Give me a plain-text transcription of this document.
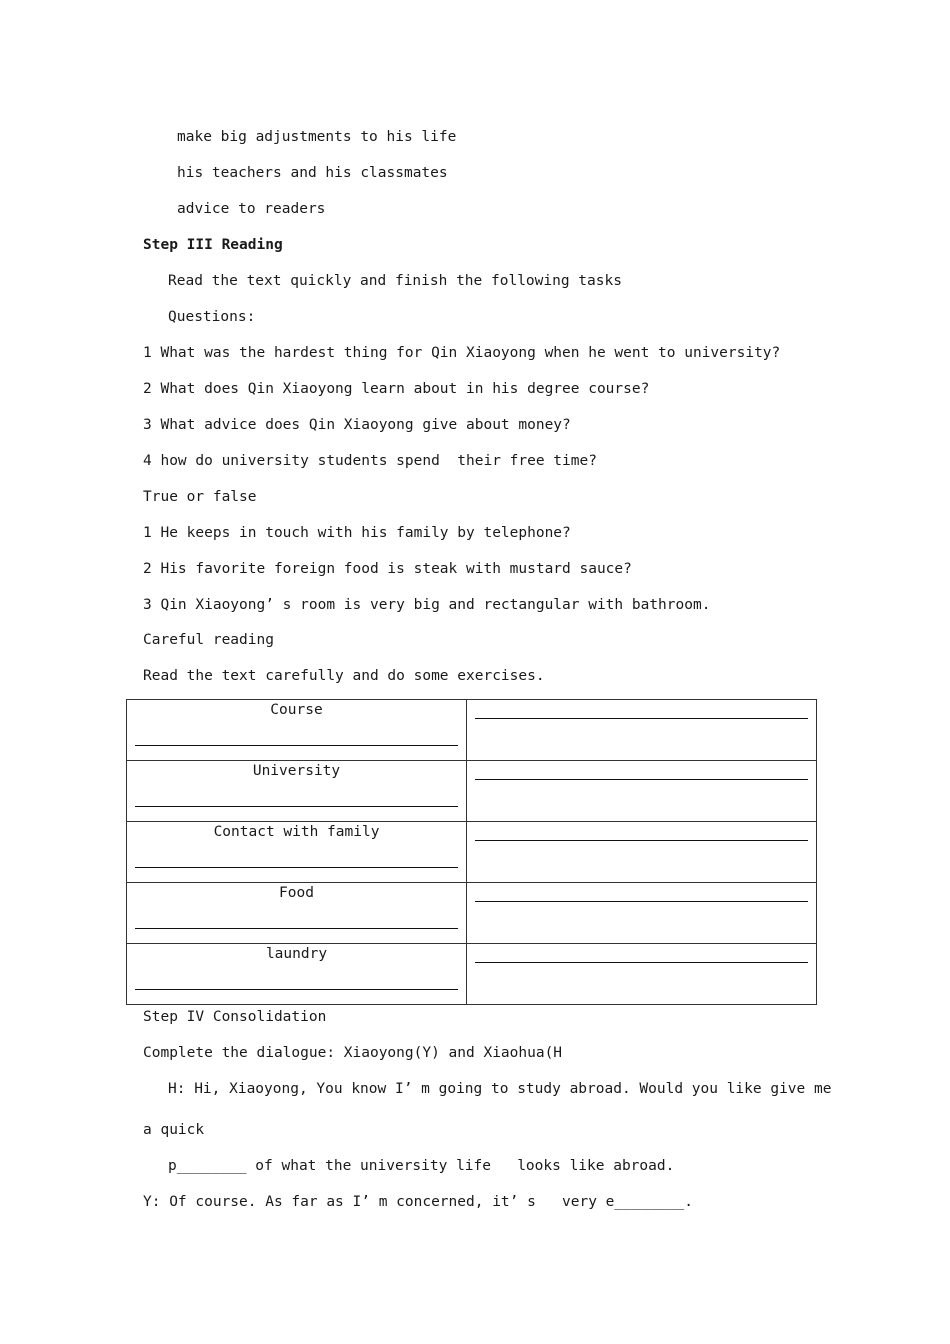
make big adjustments to his life
his teachers and his classmates
advice to readers
Step III Reading
Read the text quickly and finish the following tasks
Questions:
1 What was the hardest thing for Qin Xiaoyong when he went to university?
2 What does Qin Xiaoyong learn about in his degree course?
3 What advice does Qin Xiaoyong give about money?
4 how do university students spend  their free time?
True or false
1 He keeps in touch with his family by telephone?
2 His favorite foreign food is steak with mustard sauce?
3 Qin Xiaoyong’ s room is very big and rectangular with bathroom.
Careful reading
Read the text carefully and do some exercises.
Course	

University	

Contact with family	

Food	

laundry	

Step IV Consolidation
Complete the dialogue: Xiaoyong(Y) and Xiaohua(H
H: Hi, Xiaoyong, You know I’ m going to study abroad. Would you like give me
a quick
p________ of what the university life   looks like abroad.
Y: Of course. As far as I’ m concerned, it’ s   very e________.
